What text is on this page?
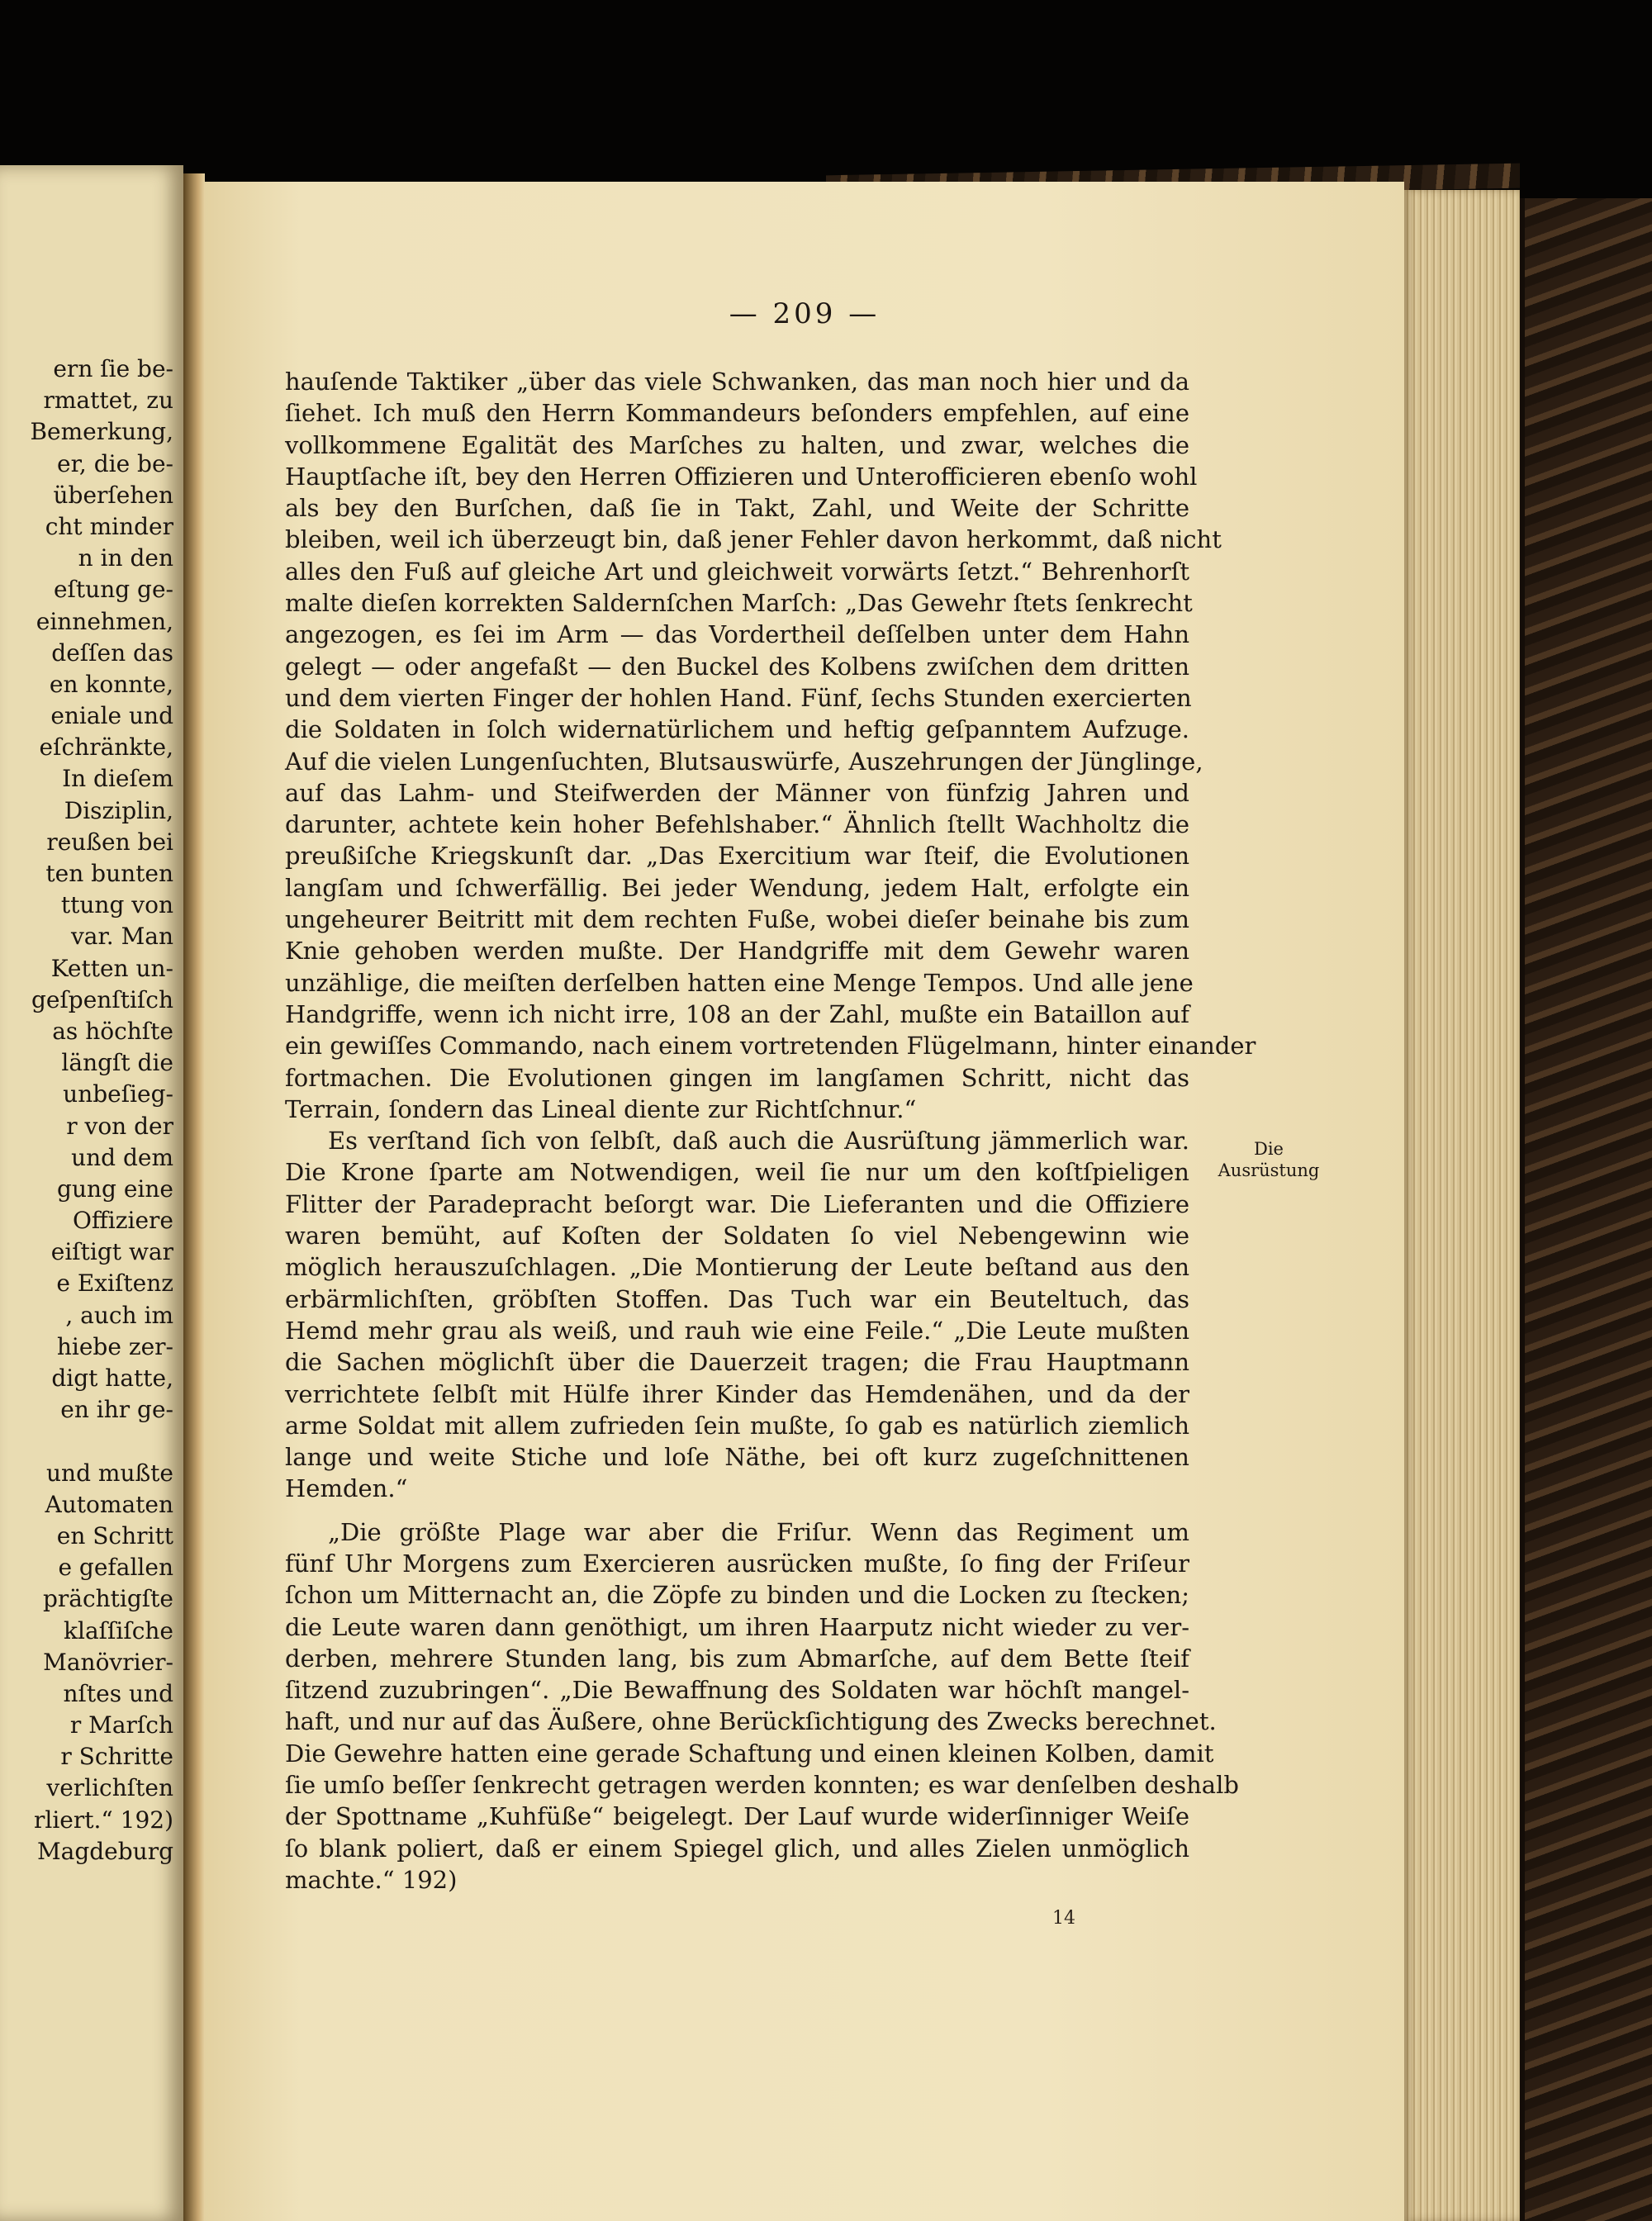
ern ſie be-
rmattet, zu
Bemerkung,
er, die be-
überſehen
cht minder
n in den
eſtung ge-
einnehmen,
deſſen das
en konnte,
eniale und
eſchränkte,
In dieſem
Disziplin,
reußen bei
ten bunten
ttung von
var. Man
Ketten un-
geſpenſtiſch
as höchſte
längſt die
unbeſieg-
r von der
und dem
gung eine
Offiziere
eiſtigt war
e Exiſtenz
, auch im
hiebe zer-
digt hatte,
en ihr ge-
und mußte
Automaten
en Schritt
e gefallen
prächtigſte
klaſſiſche
Manövrier-
nſtes und
r Marſch
r Schritte
verlichſten
rliert.“ 192)
Magdeburg
— 209 —
hauſende Taktiker „über das viele Schwanken, das man noch hier und da
ſiehet. Ich muß den Herrn Kommandeurs beſonders empfehlen, auf eine
vollkommene Egalität des Marſches zu halten, und zwar, welches die
Hauptſache iſt, bey den Herren Offizieren und Unterofficieren ebenſo wohl
als bey den Burſchen, daß ſie in Takt, Zahl, und Weite der Schritte
bleiben, weil ich überzeugt bin, daß jener Fehler davon herkommt, daß nicht
alles den Fuß auf gleiche Art und gleichweit vorwärts ſetzt.“ Behrenhorſt
malte dieſen korrekten Saldernſchen Marſch: „Das Gewehr ſtets ſenkrecht
angezogen, es ſei im Arm — das Vordertheil deſſelben unter dem Hahn
gelegt — oder angefaßt — den Buckel des Kolbens zwiſchen dem dritten
und dem vierten Finger der hohlen Hand. Fünf, ſechs Stunden exercierten
die Soldaten in ſolch widernatürlichem und heftig geſpanntem Aufzuge.
Auf die vielen Lungenſuchten, Blutsauswürfe, Auszehrungen der Jünglinge,
auf das Lahm- und Steifwerden der Männer von fünfzig Jahren und
darunter, achtete kein hoher Befehlshaber.“ Ähnlich ſtellt Wachholtz die
preußiſche Kriegskunſt dar. „Das Exercitium war ſteif, die Evolutionen
langſam und ſchwerfällig. Bei jeder Wendung, jedem Halt, erfolgte ein
ungeheurer Beitritt mit dem rechten Fuße, wobei dieſer beinahe bis zum
Knie gehoben werden mußte. Der Handgriffe mit dem Gewehr waren
unzählige, die meiſten derſelben hatten eine Menge Tempos. Und alle jene
Handgriffe, wenn ich nicht irre, 108 an der Zahl, mußte ein Bataillon auf
ein gewiſſes Commando, nach einem vortretenden Flügelmann, hinter einander
fortmachen. Die Evolutionen gingen im langſamen Schritt, nicht das
Terrain, ſondern das Lineal diente zur Richtſchnur.“
Es verſtand ſich von ſelbſt, daß auch die Ausrüſtung jämmerlich war.
Die Krone ſparte am Notwendigen, weil ſie nur um den koſtſpieligen
Flitter der Paradepracht beſorgt war. Die Lieferanten und die Offiziere
waren bemüht, auf Koſten der Soldaten ſo viel Nebengewinn wie
möglich herauszuſchlagen. „Die Montierung der Leute beſtand aus den
erbärmlichſten, gröbſten Stoffen. Das Tuch war ein Beuteltuch, das
Hemd mehr grau als weiß, und rauh wie eine Feile.“ „Die Leute mußten
die Sachen möglichſt über die Dauerzeit tragen; die Frau Hauptmann
verrichtete ſelbſt mit Hülfe ihrer Kinder das Hemdenähen, und da der
arme Soldat mit allem zufrieden ſein mußte, ſo gab es natürlich ziemlich
lange und weite Stiche und loſe Näthe, bei oft kurz zugeſchnittenen
Hemden.“
„Die größte Plage war aber die Friſur. Wenn das Regiment um
fünf Uhr Morgens zum Exercieren ausrücken mußte, ſo fing der Friſeur
ſchon um Mitternacht an, die Zöpfe zu binden und die Locken zu ſtecken;
die Leute waren dann genöthigt, um ihren Haarputz nicht wieder zu ver-
derben, mehrere Stunden lang, bis zum Abmarſche, auf dem Bette ſteif
ſitzend zuzubringen“. „Die Bewaffnung des Soldaten war höchſt mangel-
haft, und nur auf das Äußere, ohne Berückſichtigung des Zwecks berechnet.
Die Gewehre hatten eine gerade Schaftung und einen kleinen Kolben, damit
ſie umſo beſſer ſenkrecht getragen werden konnten; es war denſelben deshalb
der Spottname „Kuhfüße“ beigelegt. Der Lauf wurde widerſinniger Weiſe
ſo blank poliert, daß er einem Spiegel glich, und alles Zielen unmöglich
machte.“ 192)
Die
Ausrüstung
14
